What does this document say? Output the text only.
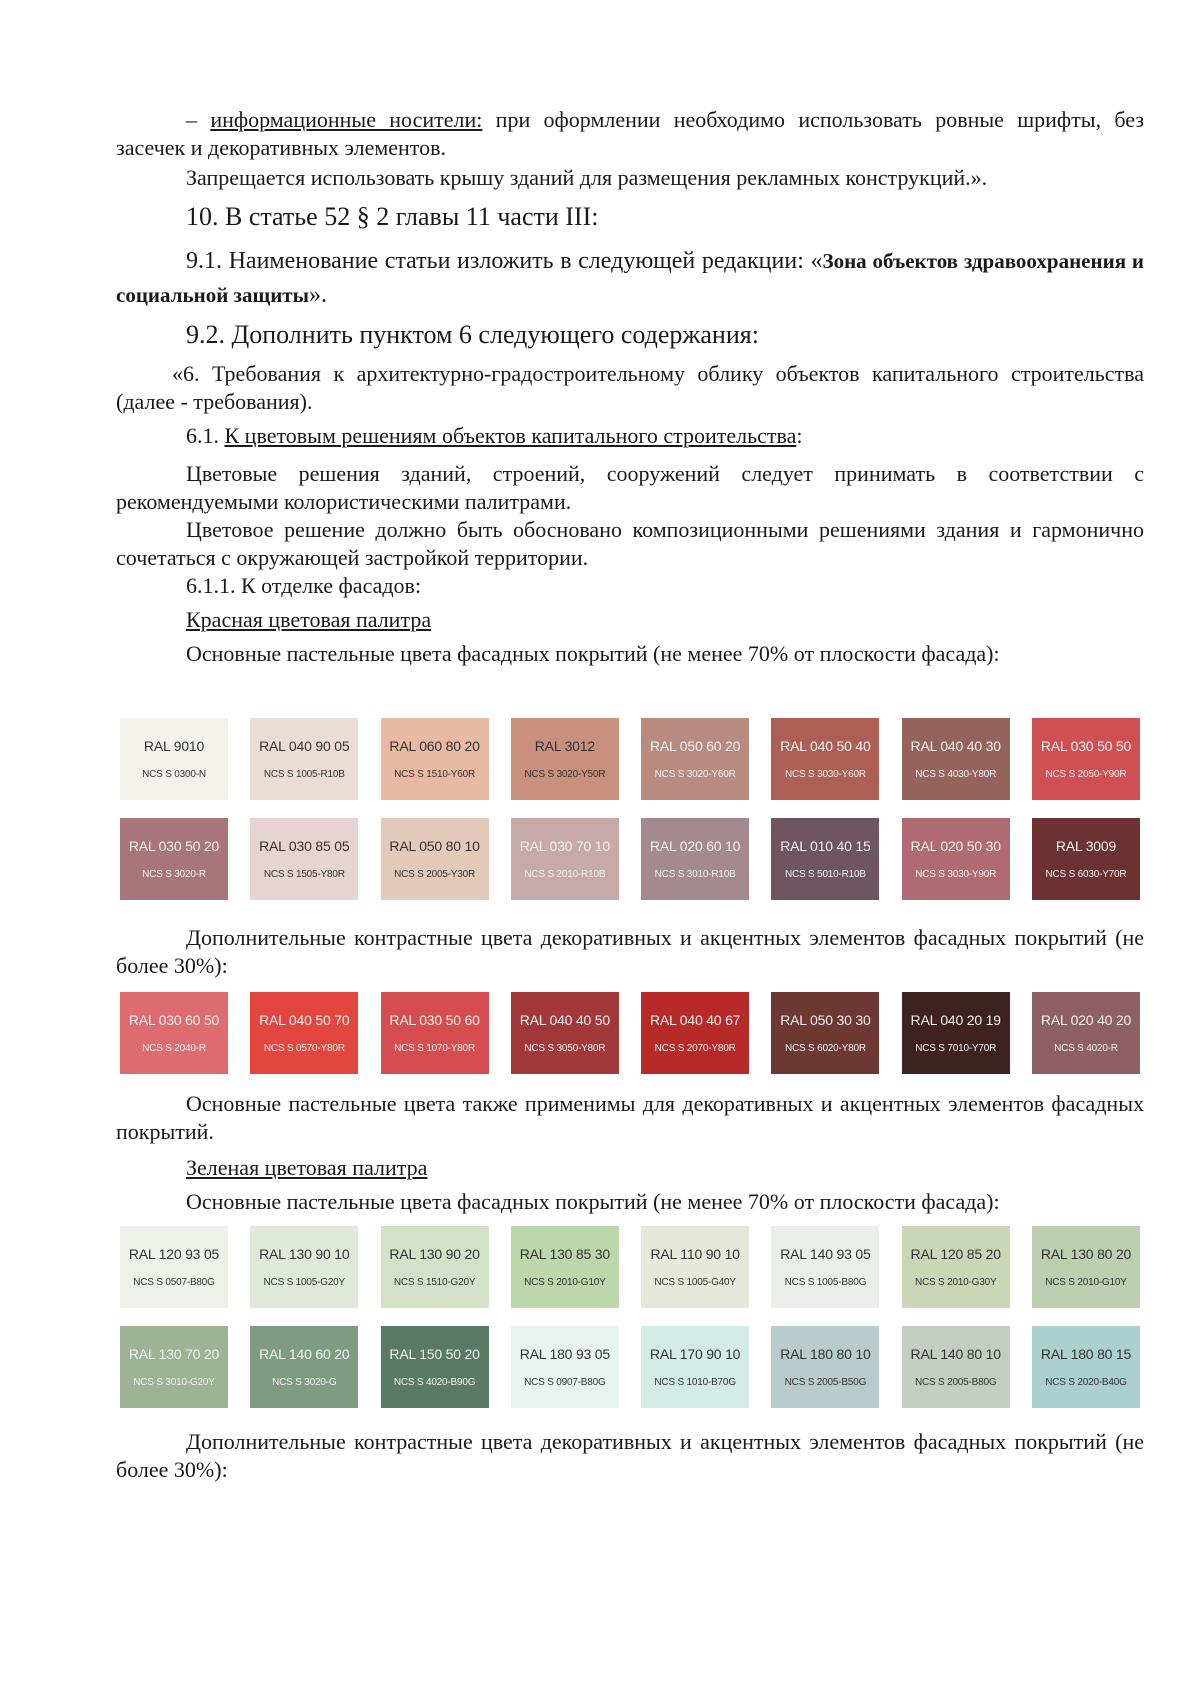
– информационные носители: при оформлении необходимо использовать ровные шрифты, без засечек и декоративных элементов.

Запрещается использовать крышу зданий для размещения рекламных конструкций.».

10. В статье 52 § 2 главы 11 части III:

9.1. Наименование статьи изложить в следующей редакции: «Зона объектов здравоохранения и социальной защиты».

9.2. Дополнить пунктом 6 следующего содержания:

«6. Требования к архитектурно-градостроительному облику объектов капитального строительства (далее - требования).

6.1. К цветовым решениям объектов капитального строительства:

Цветовые решения зданий, строений, сооружений следует принимать в соответствии с рекомендуемыми колористическими палитрами.

Цветовое решение должно быть обосновано композиционными решениями здания и гармонично сочетаться с окружающей застройкой территории.

6.1.1. К отделке фасадов:

Красная цветовая палитра

Основные пастельные цвета фасадных покрытий (не менее 70% от плоскости фасада):

RAL 9010
NCS S 0300-N
RAL 040 90 05
NCS S 1005-R10B
RAL 060 80 20
NCS S 1510-Y60R
RAL 3012
NCS S 3020-Y50R
RAL 050 60 20
NCS S 3020-Y60R
RAL 040 50 40
NCS S 3030-Y60R
RAL 040 40 30
NCS S 4030-Y80R
RAL 030 50 50
NCS S 2050-Y90R
RAL 030 50 20
NCS S 3020-R
RAL 030 85 05
NCS S 1505-Y80R
RAL 050 80 10
NCS S 2005-Y30R
RAL 030 70 10
NCS S 2010-R10B
RAL 020 60 10
NCS S 3010-R10B
RAL 010 40 15
NCS S 5010-R10B
RAL 020 50 30
NCS S 3030-Y90R
RAL 3009
NCS S 6030-Y70R

Дополнительные контрастные цвета декоративных и акцентных элементов фасадных покрытий (не более 30%):

RAL 030 60 50
NCS S 2040-R
RAL 040 50 70
NCS S 0570-Y80R
RAL 030 50 60
NCS S 1070-Y80R
RAL 040 40 50
NCS S 3050-Y80R
RAL 040 40 67
NCS S 2070-Y80R
RAL 050 30 30
NCS S 6020-Y80R
RAL 040 20 19
NCS S 7010-Y70R
RAL 020 40 20
NCS S 4020-R

Основные пастельные цвета также применимы для декоративных и акцентных элементов фасадных покрытий.

Зеленая цветовая палитра

Основные пастельные цвета фасадных покрытий (не менее 70% от плоскости фасада):

RAL 120 93 05
NCS S 0507-B80G
RAL 130 90 10
NCS S 1005-G20Y
RAL 130 90 20
NCS S 1510-G20Y
RAL 130 85 30
NCS S 2010-G10Y
RAL 110 90 10
NCS S 1005-G40Y
RAL 140 93 05
NCS S 1005-B80G
RAL 120 85 20
NCS S 2010-G30Y
RAL 130 80 20
NCS S 2010-G10Y
RAL 130 70 20
NCS S 3010-G20Y
RAL 140 60 20
NCS S 3020-G
RAL 150 50 20
NCS S 4020-B90G
RAL 180 93 05
NCS S 0907-B80G
RAL 170 90 10
NCS S 1010-B70G
RAL 180 80 10
NCS S 2005-B50G
RAL 140 80 10
NCS S 2005-B80G
RAL 180 80 15
NCS S 2020-B40G

Дополнительные контрастные цвета декоративных и акцентных элементов фасадных покрытий (не более 30%):
